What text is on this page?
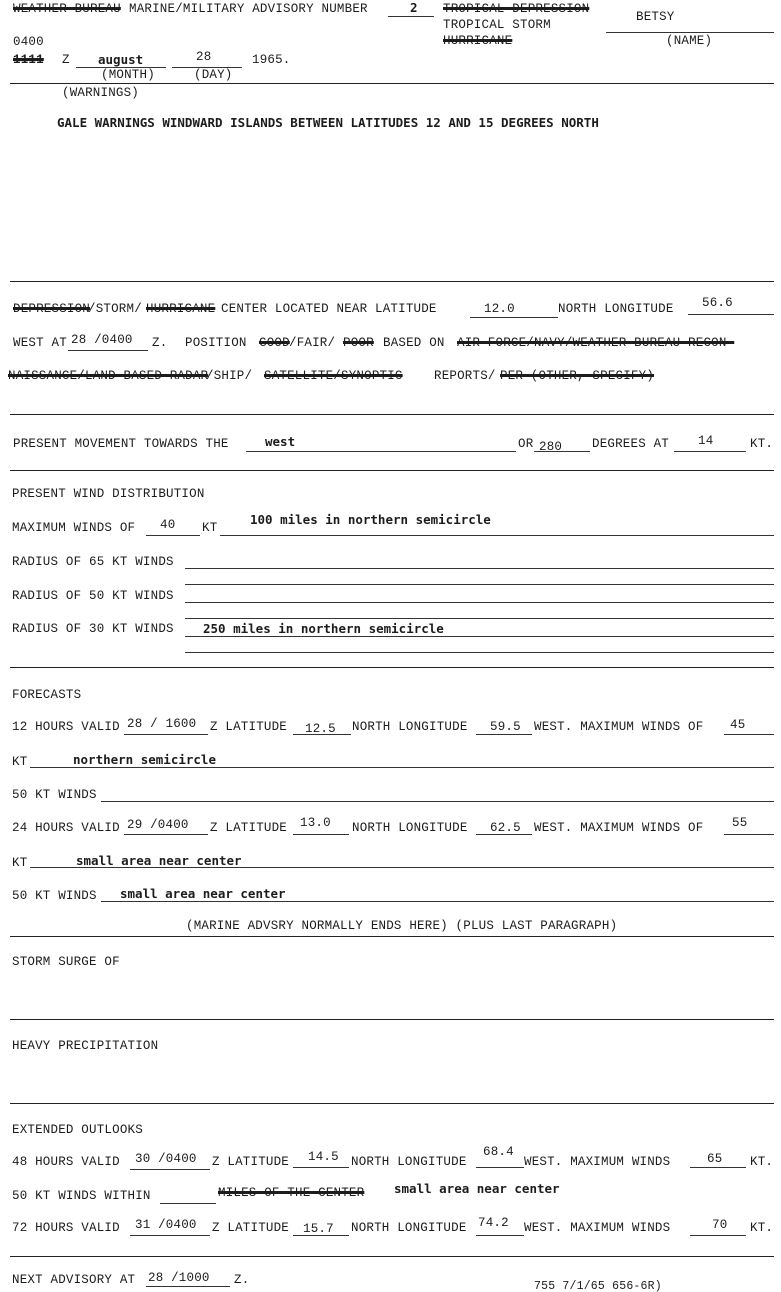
WEATHER BUREAU MARINE/MILITARY ADVISORY NUMBER	2 TROPICAL DEPRESSION
TROPICAL STORM
HURRICANE
BETSY
(NAME)
0400
1111 Z august	28	1965.
(MONTH)	(DAY)
(WARNINGS)
GALE WARNINGS WINDWARD ISLANDS BETWEEN LATITUDES 12 AND 15 DEGREES NORTH
DEPRESSION
/STORM/ HURRICANE CENTER LOCATED NEAR LATITUDE	12.0	NORTH LONGITUDE 56.6
WEST AT 28 /0400 Z. POSITION GOOD /FAIR/ POOR BASED ON AIR FORCE/NAVY/WEATHER BUREAU RECON-
NAISSANCE/LAND BASED RADAR
/SHIP/ SATELLITE/SYNOPTIC	REPORTS/ PER (OTHER, SPECIFY)
PRESENT MOVEMENT TOWARDS THE	west	OR 280 DEGREES AT 14	KT.
PRESENT WIND DISTRIBUTION
MAXIMUM WINDS OF 40 KT
100 miles in northern semicircle
RADIUS OF 65 KT WINDS
RADIUS OF 50 KT WINDS
RADIUS OF 30 KT WINDS 250 miles in northern semicircle
FORECASTS
12 HOURS VALID 28 / 1600 Z LATITUDE 12.5 NORTH LONGITUDE 59.5 WEST. MAXIMUM WINDS OF 45
KT	northern semicircle
50 KT WINDS
24 HOURS VALID 29 /0400 Z LATITUDE 13.0 NORTH LONGITUDE 62.5 WEST. MAXIMUM WINDS OF 55
KT	small area near center
50 KT WINDS small area near center
(MARINE ADVSRY NORMALLY ENDS HERE) (PLUS LAST PARAGRAPH)
STORM SURGE OF
HEAVY PRECIPITATION
EXTENDED OUTLOOKS
48 HOURS VALID 30 /0400 Z LATITUDE 14.5 NORTH LONGITUDE
68.4
WEST. MAXIMUM WINDS	65 KT.
50 KT WINDS WITHIN	MILES OF THE CENTER small area near center
72 HOURS VALID 31 /0400 Z LATITUDE 15.7 NORTH LONGITUDE 74.2 WEST. MAXIMUM WINDS	70 KT.
NEXT ADVISORY AT 28 /1000 Z.	755 7/1/65 656-6R)
